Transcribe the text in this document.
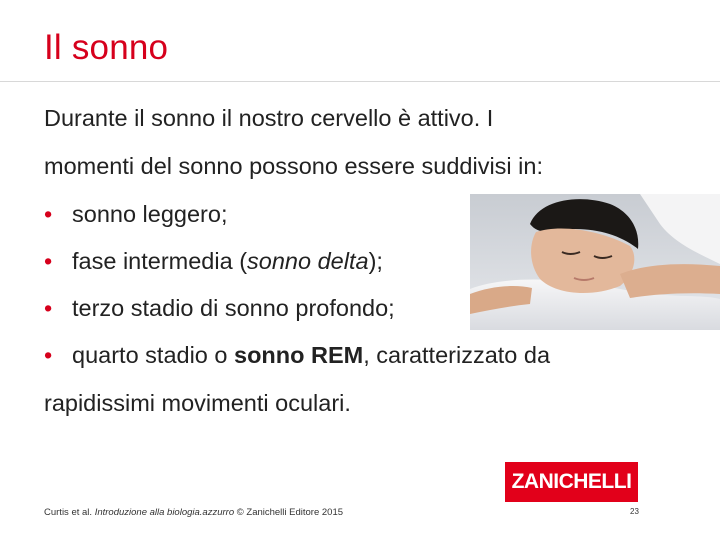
Il sonno
Durante il sonno il nostro cervello è attivo. I
momenti del sonno possono essere suddivisi in:
• sonno leggero;
• fase intermedia (sonno delta);
• terzo stadio di sonno profondo;
• quarto stadio o sonno REM, caratterizzato da
rapidissimi movimenti oculari.
ZANICHELLI
Curtis et al. Introduzione alla biologia.azzurro © Zanichelli Editore 2015	23
